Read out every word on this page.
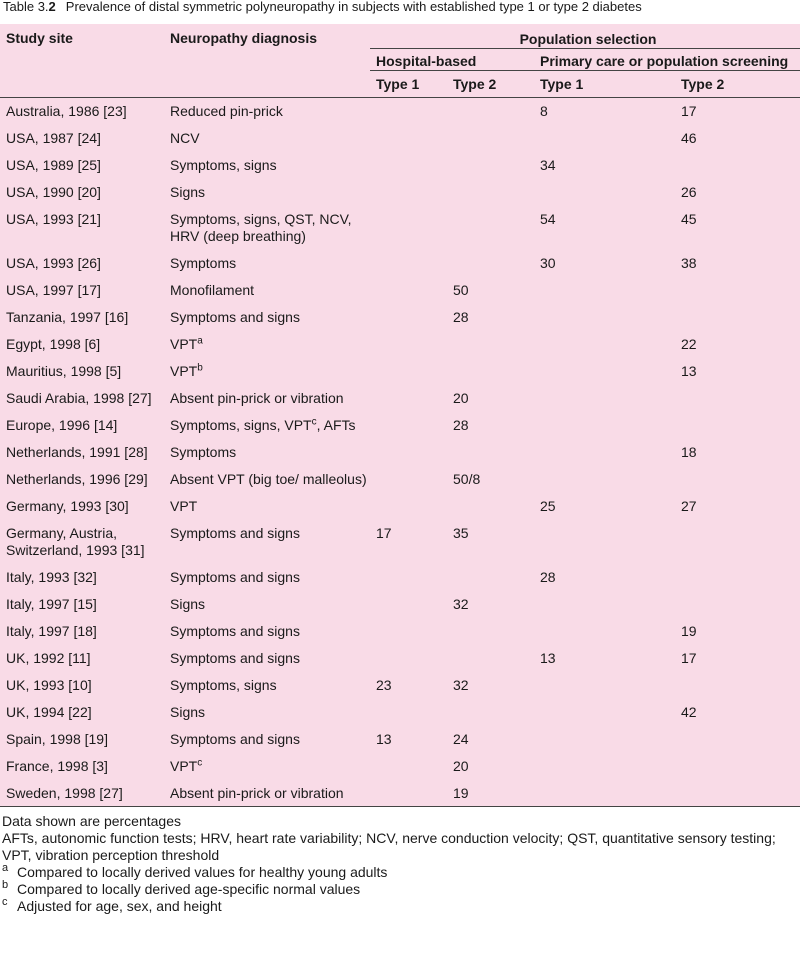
Table 3.2 Prevalence of distal symmetric polyneuropathy in subjects with established type 1 or type 2 diabetes
Study site	Neuropathy diagnosis	Population selection			
		Hospital-based		Primary care or population screening	
		Type 1	Type 2	Type 1	Type 2
Australia, 1986 [23]	Reduced pin-prick			8	17
USA, 1987 [24]	NCV				46
USA, 1989 [25]	Symptoms, signs			34	
USA, 1990 [20]	Signs				26
USA, 1993 [21]	Symptoms, signs, QST, NCV, HRV (deep breathing)			54	45
USA, 1993 [26]	Symptoms			30	38
USA, 1997 [17]	Monofilament		50		
Tanzania, 1997 [16]	Symptoms and signs		28		
Egypt, 1998 [6]	VPT$^a$				22
Mauritius, 1998 [5]	VPT$^b$				13
Saudi Arabia, 1998 [27]	Absent pin-prick or vibration		20		
Europe, 1996 [14]	Symptoms, signs, VPT$^c$, AFTs		28		
Netherlands, 1991 [28]	Symptoms				18
Netherlands, 1996 [29]	Absent VPT (big toe/ malleolus)		50/8		
Germany, 1993 [30]	VPT			25	27
Germany, Austria, Switzerland, 1993 [31]	Symptoms and signs	17	35		
Italy, 1993 [32]	Symptoms and signs			28	
Italy, 1997 [15]	Signs		32		
Italy, 1997 [18]	Symptoms and signs				19
UK, 1992 [11]	Symptoms and signs			13	17
UK, 1993 [10]	Symptoms, signs	23	32		
UK, 1994 [22]	Signs				42
Spain, 1998 [19]	Symptoms and signs	13	24		
France, 1998 [3]	VPT$^c$		20		
Sweden, 1998 [27]	Absent pin-prick or vibration		19		
Data shown are percentages
AFTs, autonomic function tests; HRV, heart rate variability; NCV, nerve conduction velocity; QST, quantitative sensory testing; VPT, vibration perception threshold
a Compared to locally derived values for healthy young adults
b Compared to locally derived age-specific normal values
c Adjusted for age, sex, and height
